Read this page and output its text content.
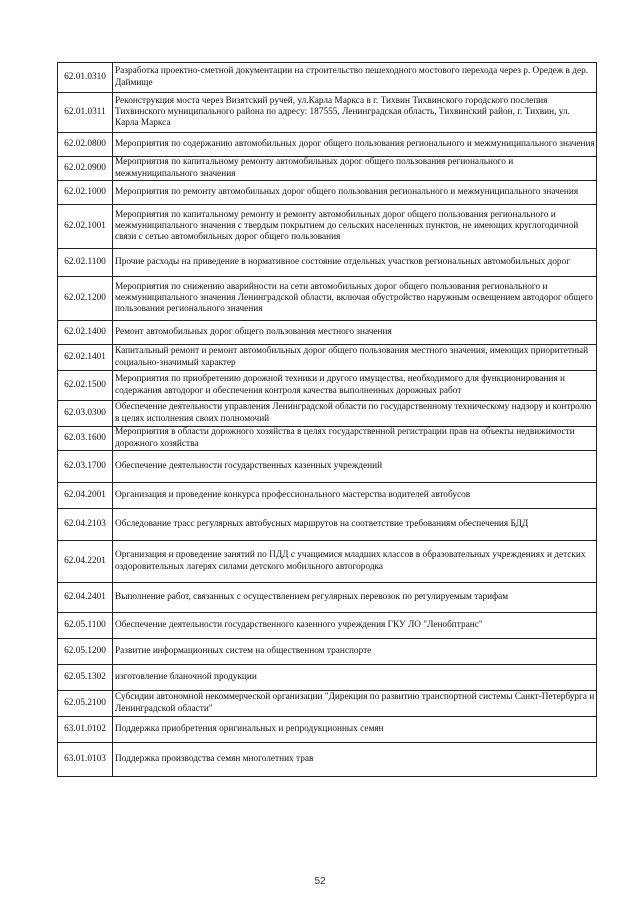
62.01.0310	Разработка проектно-сметной документации на строительство пешеходного мостового перехода через р. Оредеж в дер. Даймище
62.01.0311	Реконструкция моста через Визятский ручей, ул.Карла Маркса в г. Тихвин Тихвинского городского послепия Тихвинского муниципального района по адресу: 187555, Ленинградская область, Тихвинский район, г. Тихвин, ул. Карла Маркса
62.02.0800	Мероприятия по содержанию автомобильных дорог общего пользования регионального и межмуниципального значения
62.02.0900	Мероприятия по капитальному ремонту автомобильных дорог общего пользования регионального и межмуниципального значения
62.02.1000	Мероприятия по ремонту автомобильных дорог общего пользования регионального и межмуниципального значения
62.02.1001	Мероприятия по капитальному ремонту и ремонту автомобильных дорог общего пользования регионального и межмуниципального значения с твердым покрытием до сельских населенных пунктов, не имеющих круглогодичной связи с сетью автомобильных дорог общего пользования
62.02.1100	Прочие расходы на приведение в нормативное состояние отдельных участков региональных автомобильных дорог
62.02.1200	Мероприятия по снижению аварийности на сети автомобильных дорог общего пользования регионального и межмуниципального значения Ленинградской области, включая обустройство наружным освещением автодорог общего пользования регионального значения
62.02.1400	Ремонт автомобильных дорог общего пользования местного значения
62.02.1401	Капитальный ремонт и ремонт автомобильных дорог общего пользования местного значения, имеющих приоритетный социально-значимый характер
62.02.1500	Мероприятия по приобретению дорожной техники и другого имущества, необходимого для функционирования и содержания автодорог и обеспечения контроля качества выполненных дорожных работ
62.03.0300	Обеспечение деятельности управления Ленинградской области по государственному техническому надзору и контролю в целях исполнения своих полномочий
62.03.1600	Мероприятия в области дорожного хозяйства в целях государственной регистрации прав на объекты недвижимости дорожного хозяйства
62.03.1700	Обеспечение деятельности государственных казенных учреждений
62.04.2001	Организация и проведение конкурса профессионального мастерства водителей автобусов
62.04.2103	Обследование трасс регулярных автобусных маршрутов на соответствие требованиям обеспечения БДД
62.04.2201	Организация и проведение занятий по ПДД с учащимися младших классов в образовательных учреждениях и детских оздоровительных лагерях силами детского мобильного автогородка
62.04.2401	Выполнение работ, связанных с осуществлением регулярных перевозок по регулируемым тарифам
62.05.1100	Обеспечение деятельности государственного казенного учреждения ГКУ ЛО "Ленобптранс"
62.05.1200	Развитие информационных систем на общественном транспорте
62.05.1302	изготовление бланочной продукции
62.05.2100	Субсидии автономной некоммерческой организации "Дирекция по развитию транспортной системы Санкт-Петербурга и Ленинградской области"
63.01.0102	Поддержка приобретения оригинальных и репродукционных семян
63.01.0103	Поддержка производства семян многолетних трав
52
